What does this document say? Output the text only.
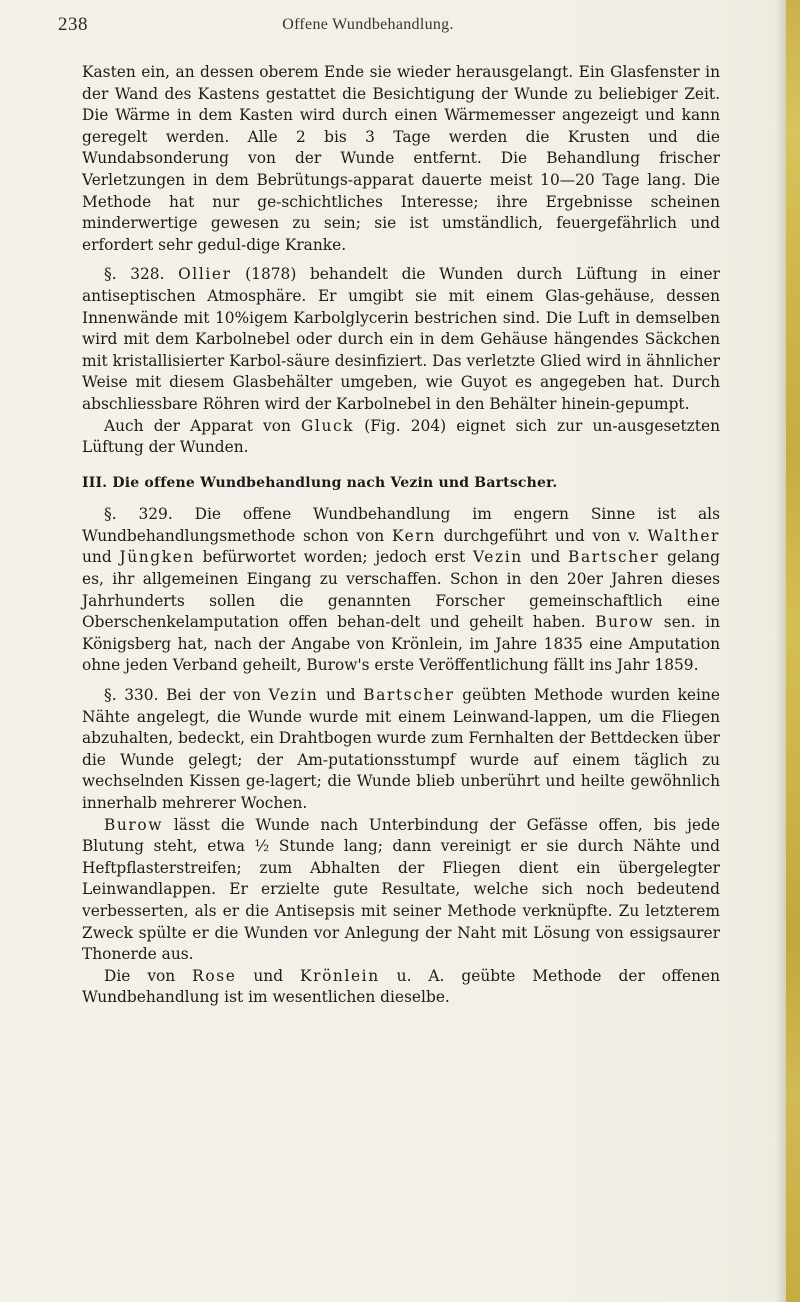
238	Offene Wundbehandlung.

Kasten ein, an dessen oberem Ende sie wieder herausgelangt. Ein Glasfenster in der Wand des Kastens gestattet die Besichtigung der Wunde zu beliebiger Zeit. Die Wärme in dem Kasten wird durch einen Wärmemesser angezeigt und kann geregelt werden. Alle 2 bis 3 Tage werden die Krusten und die Wundabsonderung von der Wunde entfernt. Die Behandlung frischer Verletzungen in dem Bebrütungs-apparat dauerte meist 10—20 Tage lang. Die Methode hat nur ge-schichtliches Interesse; ihre Ergebnisse scheinen minderwertige gewesen zu sein; sie ist umständlich, feuergefährlich und erfordert sehr gedul-dige Kranke.

§. 328. Ollier (1878) behandelt die Wunden durch Lüftung in einer antiseptischen Atmosphäre. Er umgibt sie mit einem Glas-gehäuse, dessen Innenwände mit 10%igem Karbolglycerin bestrichen sind. Die Luft in demselben wird mit dem Karbolnebel oder durch ein in dem Gehäuse hängendes Säckchen mit kristallisierter Karbol-säure desinfiziert. Das verletzte Glied wird in ähnlicher Weise mit diesem Glasbehälter umgeben, wie Guyot es angegeben hat. Durch abschliessbare Röhren wird der Karbolnebel in den Behälter hinein-gepumpt.

Auch der Apparat von Gluck (Fig. 204) eignet sich zur un-ausgesetzten Lüftung der Wunden.

III. Die offene Wundbehandlung nach Vezin und Bartscher.

§. 329. Die offene Wundbehandlung im engern Sinne ist als Wundbehandlungsmethode schon von Kern durchgeführt und von v. Walther und Jüngken befürwortet worden; jedoch erst Vezin und Bartscher gelang es, ihr allgemeinen Eingang zu verschaffen. Schon in den 20er Jahren dieses Jahrhunderts sollen die genannten Forscher gemeinschaftlich eine Oberschenkelamputation offen behan-delt und geheilt haben. Burow sen. in Königsberg hat, nach der Angabe von Krönlein, im Jahre 1835 eine Amputation ohne jeden Verband geheilt, Burow's erste Veröffentlichung fällt ins Jahr 1859.

§. 330. Bei der von Vezin und Bartscher geübten Methode wurden keine Nähte angelegt, die Wunde wurde mit einem Leinwand-lappen, um die Fliegen abzuhalten, bedeckt, ein Drahtbogen wurde zum Fernhalten der Bettdecken über die Wunde gelegt; der Am-putationsstumpf wurde auf einem täglich zu wechselnden Kissen ge-lagert; die Wunde blieb unberührt und heilte gewöhnlich innerhalb mehrerer Wochen.

Burow lässt die Wunde nach Unterbindung der Gefässe offen, bis jede Blutung steht, etwa ½ Stunde lang; dann vereinigt er sie durch Nähte und Heftpflasterstreifen; zum Abhalten der Fliegen dient ein übergelegter Leinwandlappen. Er erzielte gute Resultate, welche sich noch bedeutend verbesserten, als er die Antisepsis mit seiner Methode verknüpfte. Zu letzterem Zweck spülte er die Wunden vor Anlegung der Naht mit Lösung von essigsaurer Thonerde aus.

Die von Rose und Krönlein u. A. geübte Methode der offenen Wundbehandlung ist im wesentlichen dieselbe.
